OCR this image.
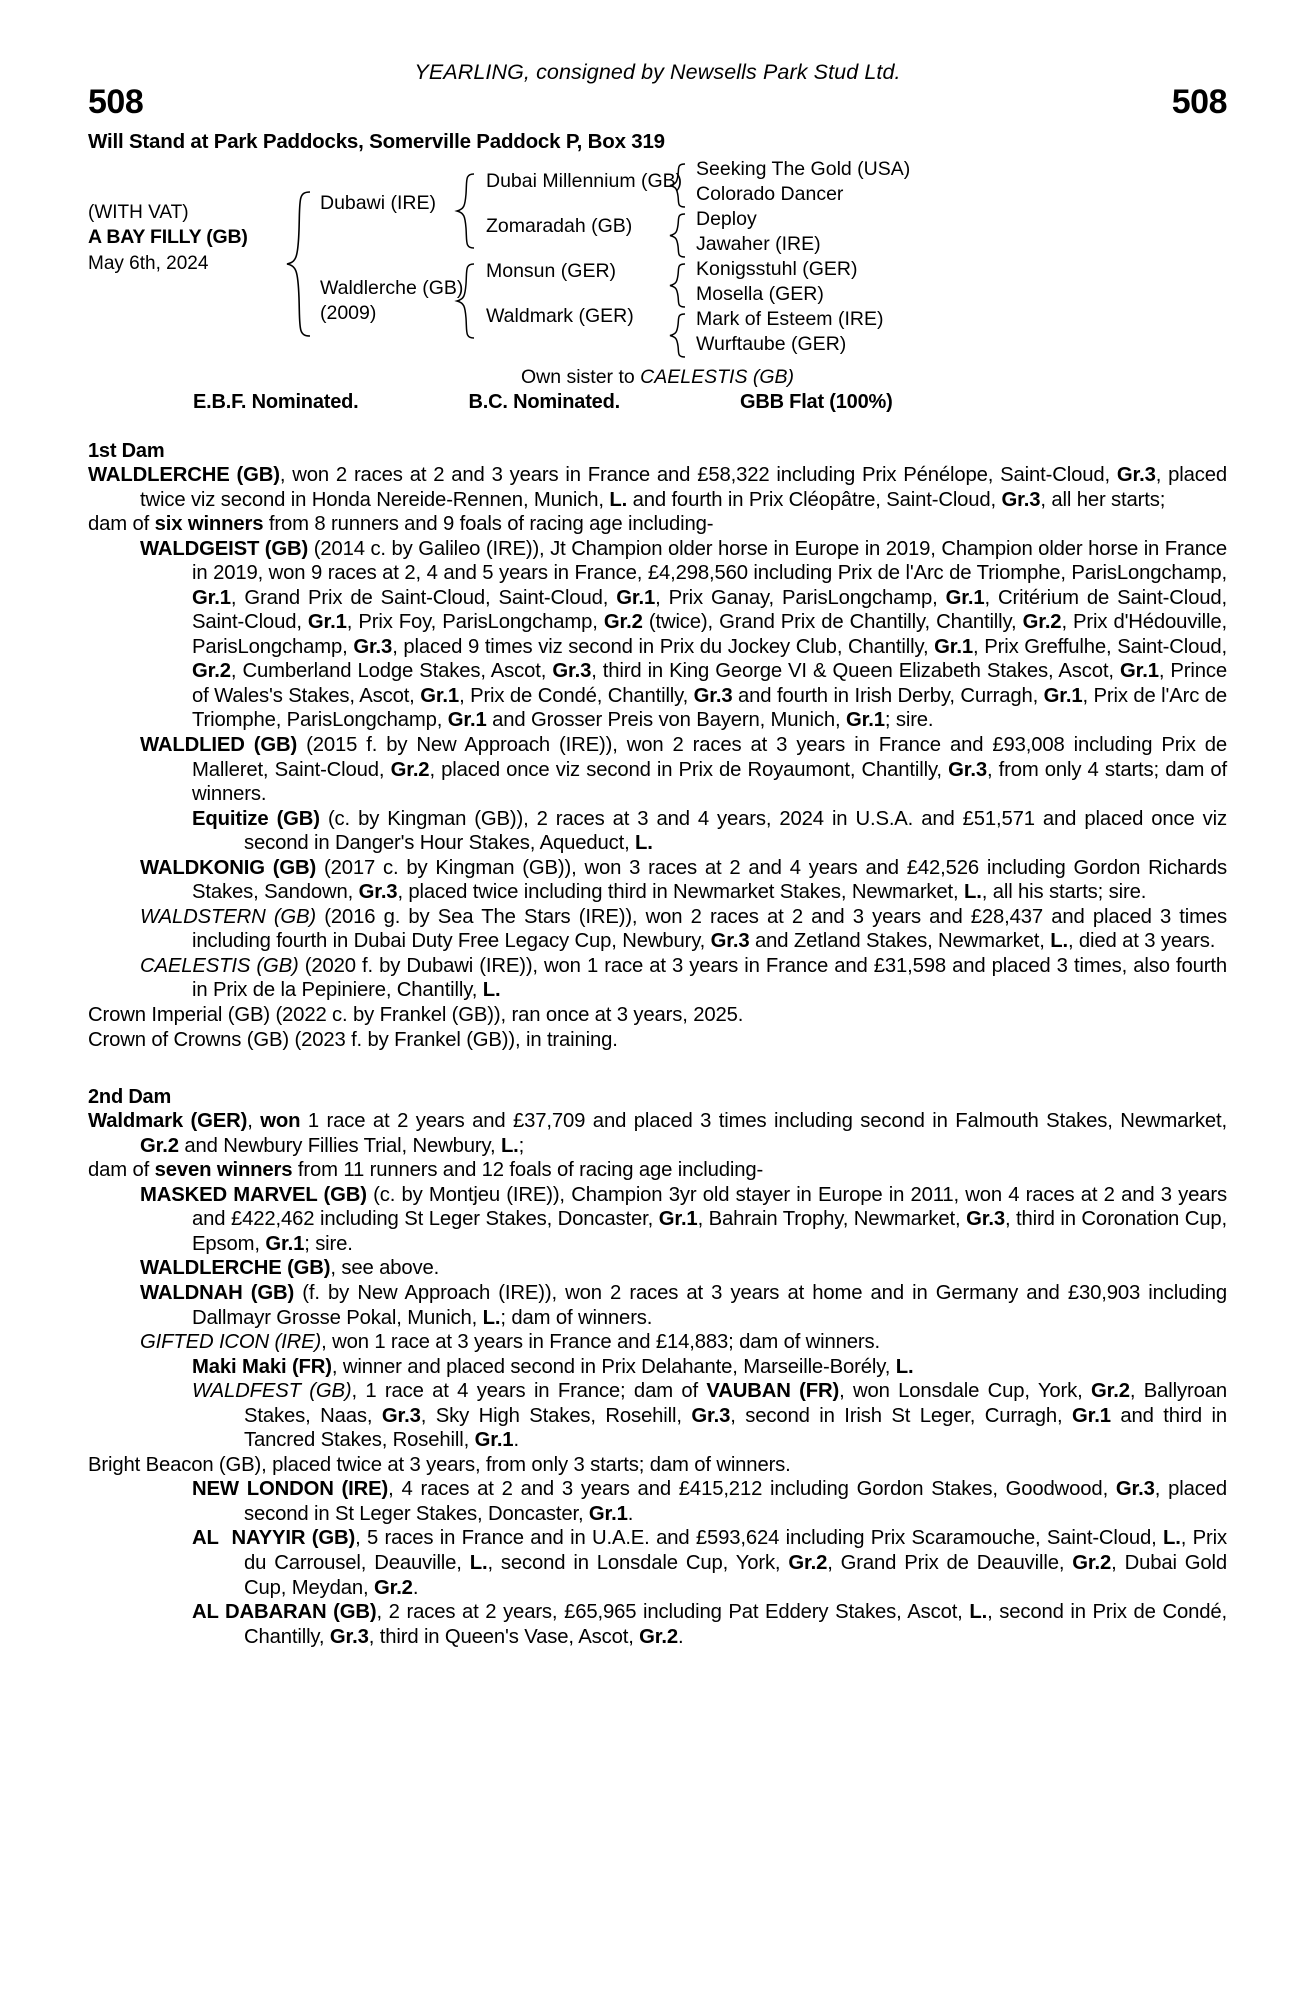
YEARLING, consigned by Newsells Park Stud Ltd.
508	508
Will Stand at Park Paddocks, Somerville Paddock P, Box 319
(WITH VAT)
A BAY FILLY (GB)
May 6th, 2024
Dubawi (IRE)
Waldlerche (GB)
(2009)
Dubai Millennium (GB)
Zomaradah (GB)
Monsun (GER)
Waldmark (GER)
Seeking The Gold (USA)
Colorado Dancer
Deploy
Jawaher (IRE)
Konigsstuhl (GER)
Mosella (GER)
Mark of Esteem (IRE)
Wurftaube (GER)
Own sister to CAELESTIS (GB)
E.B.F. Nominated.	B.C. Nominated.	GBB Flat (100%)
1st Dam

WALDLERCHE (GB), won 2 races at 2 and 3 years in France and £58,322 including Prix Pénélope, Saint-Cloud, Gr.3, placed twice viz second in Honda Nereide-Rennen, Munich, L. and fourth in Prix Cléopâtre, Saint-Cloud, Gr.3, all her starts;

dam of six winners from 8 runners and 9 foals of racing age including-

WALDGEIST (GB) (2014 c. by Galileo (IRE)), Jt Champion older horse in Europe in 2019, Champion older horse in France in 2019, won 9 races at 2, 4 and 5 years in France, £4,298,560 including Prix de l'Arc de Triomphe, ParisLongchamp, Gr.1, Grand Prix de Saint-Cloud, Saint-Cloud, Gr.1, Prix Ganay, ParisLongchamp, Gr.1, Critérium de Saint-Cloud, Saint-Cloud, Gr.1, Prix Foy, ParisLongchamp, Gr.2 (twice), Grand Prix de Chantilly, Chantilly, Gr.2, Prix d'Hédouville, ParisLongchamp, Gr.3, placed 9 times viz second in Prix du Jockey Club, Chantilly, Gr.1, Prix Greffulhe, Saint-Cloud, Gr.2, Cumberland Lodge Stakes, Ascot, Gr.3, third in King George VI & Queen Elizabeth Stakes, Ascot, Gr.1, Prince of Wales's Stakes, Ascot, Gr.1, Prix de Condé, Chantilly, Gr.3 and fourth in Irish Derby, Curragh, Gr.1, Prix de l'Arc de Triomphe, ParisLongchamp, Gr.1 and Grosser Preis von Bayern, Munich, Gr.1; sire.

WALDLIED (GB) (2015 f. by New Approach (IRE)), won 2 races at 3 years in France and £93,008 including Prix de Malleret, Saint-Cloud, Gr.2, placed once viz second in Prix de Royaumont, Chantilly, Gr.3, from only 4 starts; dam of winners.

Equitize (GB) (c. by Kingman (GB)), 2 races at 3 and 4 years, 2024 in U.S.A. and £51,571 and placed once viz second in Danger's Hour Stakes, Aqueduct, L.

WALDKONIG (GB) (2017 c. by Kingman (GB)), won 3 races at 2 and 4 years and £42,526 including Gordon Richards Stakes, Sandown, Gr.3, placed twice including third in Newmarket Stakes, Newmarket, L., all his starts; sire.

WALDSTERN (GB) (2016 g. by Sea The Stars (IRE)), won 2 races at 2 and 3 years and £28,437 and placed 3 times including fourth in Dubai Duty Free Legacy Cup, Newbury, Gr.3 and Zetland Stakes, Newmarket, L., died at 3 years.

CAELESTIS (GB) (2020 f. by Dubawi (IRE)), won 1 race at 3 years in France and £31,598 and placed 3 times, also fourth in Prix de la Pepiniere, Chantilly, L.

Crown Imperial (GB) (2022 c. by Frankel (GB)), ran once at 3 years, 2025.

Crown of Crowns (GB) (2023 f. by Frankel (GB)), in training.

2nd Dam

Waldmark (GER), won 1 race at 2 years and £37,709 and placed 3 times including second in Falmouth Stakes, Newmarket, Gr.2 and Newbury Fillies Trial, Newbury, L.;

dam of seven winners from 11 runners and 12 foals of racing age including-

MASKED MARVEL (GB) (c. by Montjeu (IRE)), Champion 3yr old stayer in Europe in 2011, won 4 races at 2 and 3 years and £422,462 including St Leger Stakes, Doncaster, Gr.1, Bahrain Trophy, Newmarket, Gr.3, third in Coronation Cup, Epsom, Gr.1; sire.

WALDLERCHE (GB), see above.

WALDNAH (GB) (f. by New Approach (IRE)), won 2 races at 3 years at home and in Germany and £30,903 including Dallmayr Grosse Pokal, Munich, L.; dam of winners.

GIFTED ICON (IRE), won 1 race at 3 years in France and £14,883; dam of winners.

Maki Maki (FR), winner and placed second in Prix Delahante, Marseille-Borély, L.

WALDFEST (GB), 1 race at 4 years in France; dam of VAUBAN (FR), won Lonsdale Cup, York, Gr.2, Ballyroan Stakes, Naas, Gr.3, Sky High Stakes, Rosehill, Gr.3, second in Irish St Leger, Curragh, Gr.1 and third in Tancred Stakes, Rosehill, Gr.1.

Bright Beacon (GB), placed twice at 3 years, from only 3 starts; dam of winners.

NEW LONDON (IRE), 4 races at 2 and 3 years and £415,212 including Gordon Stakes, Goodwood, Gr.3, placed second in St Leger Stakes, Doncaster, Gr.1.

AL  NAYYIR (GB), 5 races in France and in U.A.E. and £593,624 including Prix Scaramouche, Saint-Cloud, L., Prix du Carrousel, Deauville, L., second in Lonsdale Cup, York, Gr.2, Grand Prix de Deauville, Gr.2, Dubai Gold Cup, Meydan, Gr.2.

AL DABARAN (GB), 2 races at 2 years, £65,965 including Pat Eddery Stakes, Ascot, L., second in Prix de Condé, Chantilly, Gr.3, third in Queen's Vase, Ascot, Gr.2.
